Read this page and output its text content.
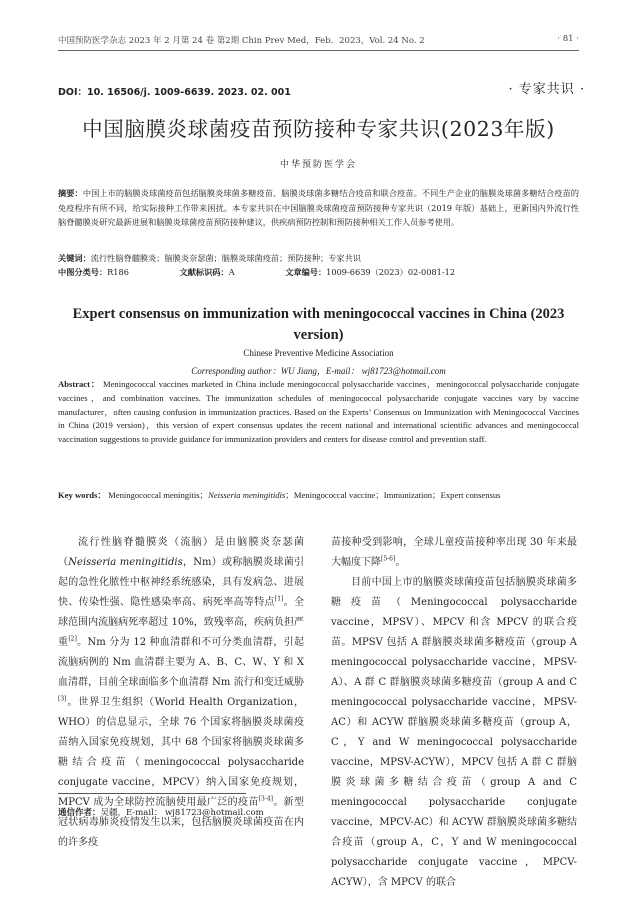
中国预防医学杂志 2023 年 2 月第 24 卷 第2期 Chin Prev Med，Feb．2023，Vol. 24 No. 2	· 81 ·
DOI：10. 16506/j. 1009-6639. 2023. 02. 001	· 专家共识 ·
中国脑膜炎球菌疫苗预防接种专家共识(2023年版)
中华预防医学会
摘要：中国上市的脑膜炎球菌疫苗包括脑膜炎球菌多糖疫苗、脑膜炎球菌多糖结合疫苗和联合疫苗。不同生产企业的脑膜炎球菌多糖结合疫苗的免疫程序有所不同，给实际接种工作带来困扰。本专家共识在中国脑膜炎球菌疫苗预防接种专家共识（2019 年版）基础上，更新国内外流行性脑脊髓膜炎研究最新进展和脑膜炎球菌疫苗预防接种建议，供疾病预防控制和预防接种相关工作人员参考使用。
关键词：流行性脑脊髓膜炎；脑膜炎奈瑟菌；脑膜炎球菌疫苗；预防接种；专家共识
中图分类号：R186	文献标识码：A	文章编号：1009-6639（2023）02-0081-12
Expert consensus on immunization with meningococcal vaccines in China (2023 version)
Chinese Preventive Medicine Association
Corresponding author：WU Jiang，E-mail： wj81723@hotmail.com
Abstract： Meningococcal vaccines marketed in China include meningococcal polysaccharide vaccines，meningococcal polysaccharide conjugate vaccines，and combination vaccines. The immunization schedules of meningococcal polysaccharide conjugate vaccines vary by vaccine manufacturer，often causing confusion in immunization practices. Based on the Experts’ Consensus on Immunization with Meningococcal Vaccines in China (2019 version)，this version of expert consensus updates the recent national and international scientific advances and meningococcal vaccination suggestions to provide guidance for immunization providers and centers for disease control and prevention staff.
Key words： Meningococcal meningitis；Neisseria meningitidis；Meningococcal vaccine；Immunization；Expert consensus

流行性脑脊髓膜炎（流脑）是由脑膜炎奈瑟菌（Neisseria meningitidis，Nm）或称脑膜炎球菌引起的急性化脓性中枢神经系统感染，具有发病急、进展快、传染性强、隐性感染率高、病死率高等特点[1]。全球范围内流脑病死率超过 10%，致残率高，疾病负担严重[2]。Nm 分为 12 种血清群和不可分类血清群，引起流脑病例的 Nm 血清群主要为 A、B、C、W、Y 和 X 血清群，目前全球面临多个血清群 Nm 流行和变迁威胁[3]。世界卫生组织（World Health Organization，WHO）的信息显示，全球 76 个国家将脑膜炎球菌疫苗纳入国家免疫规划，其中 68 个国家将脑膜炎球菌多糖结合疫苗（meningococcal polysaccharide conjugate vaccine，MPCV）纳入国家免疫规划，MPCV 成为全球防控流脑使用最广泛的疫苗[3-4]。新型冠状病毒肺炎疫情发生以来，包括脑膜炎球菌疫苗在内的许多疫

苗接种受到影响，全球儿童疫苗接种率出现 30 年来最大幅度下降[5-6]。

目前中国上市的脑膜炎球菌疫苗包括脑膜炎球菌多糖疫苗（Meningococcal polysaccharide vaccine，MPSV）、MPCV 和含 MPCV 的联合疫苗。MPSV 包括 A 群脑膜炎球菌多糖疫苗（group A meningococcal polysaccharide vaccine，MPSV-A）、A 群 C 群脑膜炎球菌多糖疫苗（group A and C meningococcal polysaccharide vaccine，MPSV-AC）和 ACYW 群脑膜炎球菌多糖疫苗（group A，C，Y and W meningococcal polysaccharide vaccine，MPSV-ACYW），MPCV 包括 A 群 C 群脑膜炎球菌多糖结合疫苗（group A and C meningococcal polysaccharide conjugate vaccine，MPCV-AC）和 ACYW 群脑膜炎球菌多糖结合疫苗（group A，C，Y and W meningococcal polysaccharide conjugate vaccine，MPCV-ACYW），含 MPCV 的联合

通信作者：吴疆，E-mail： wj81723@hotmail.com
